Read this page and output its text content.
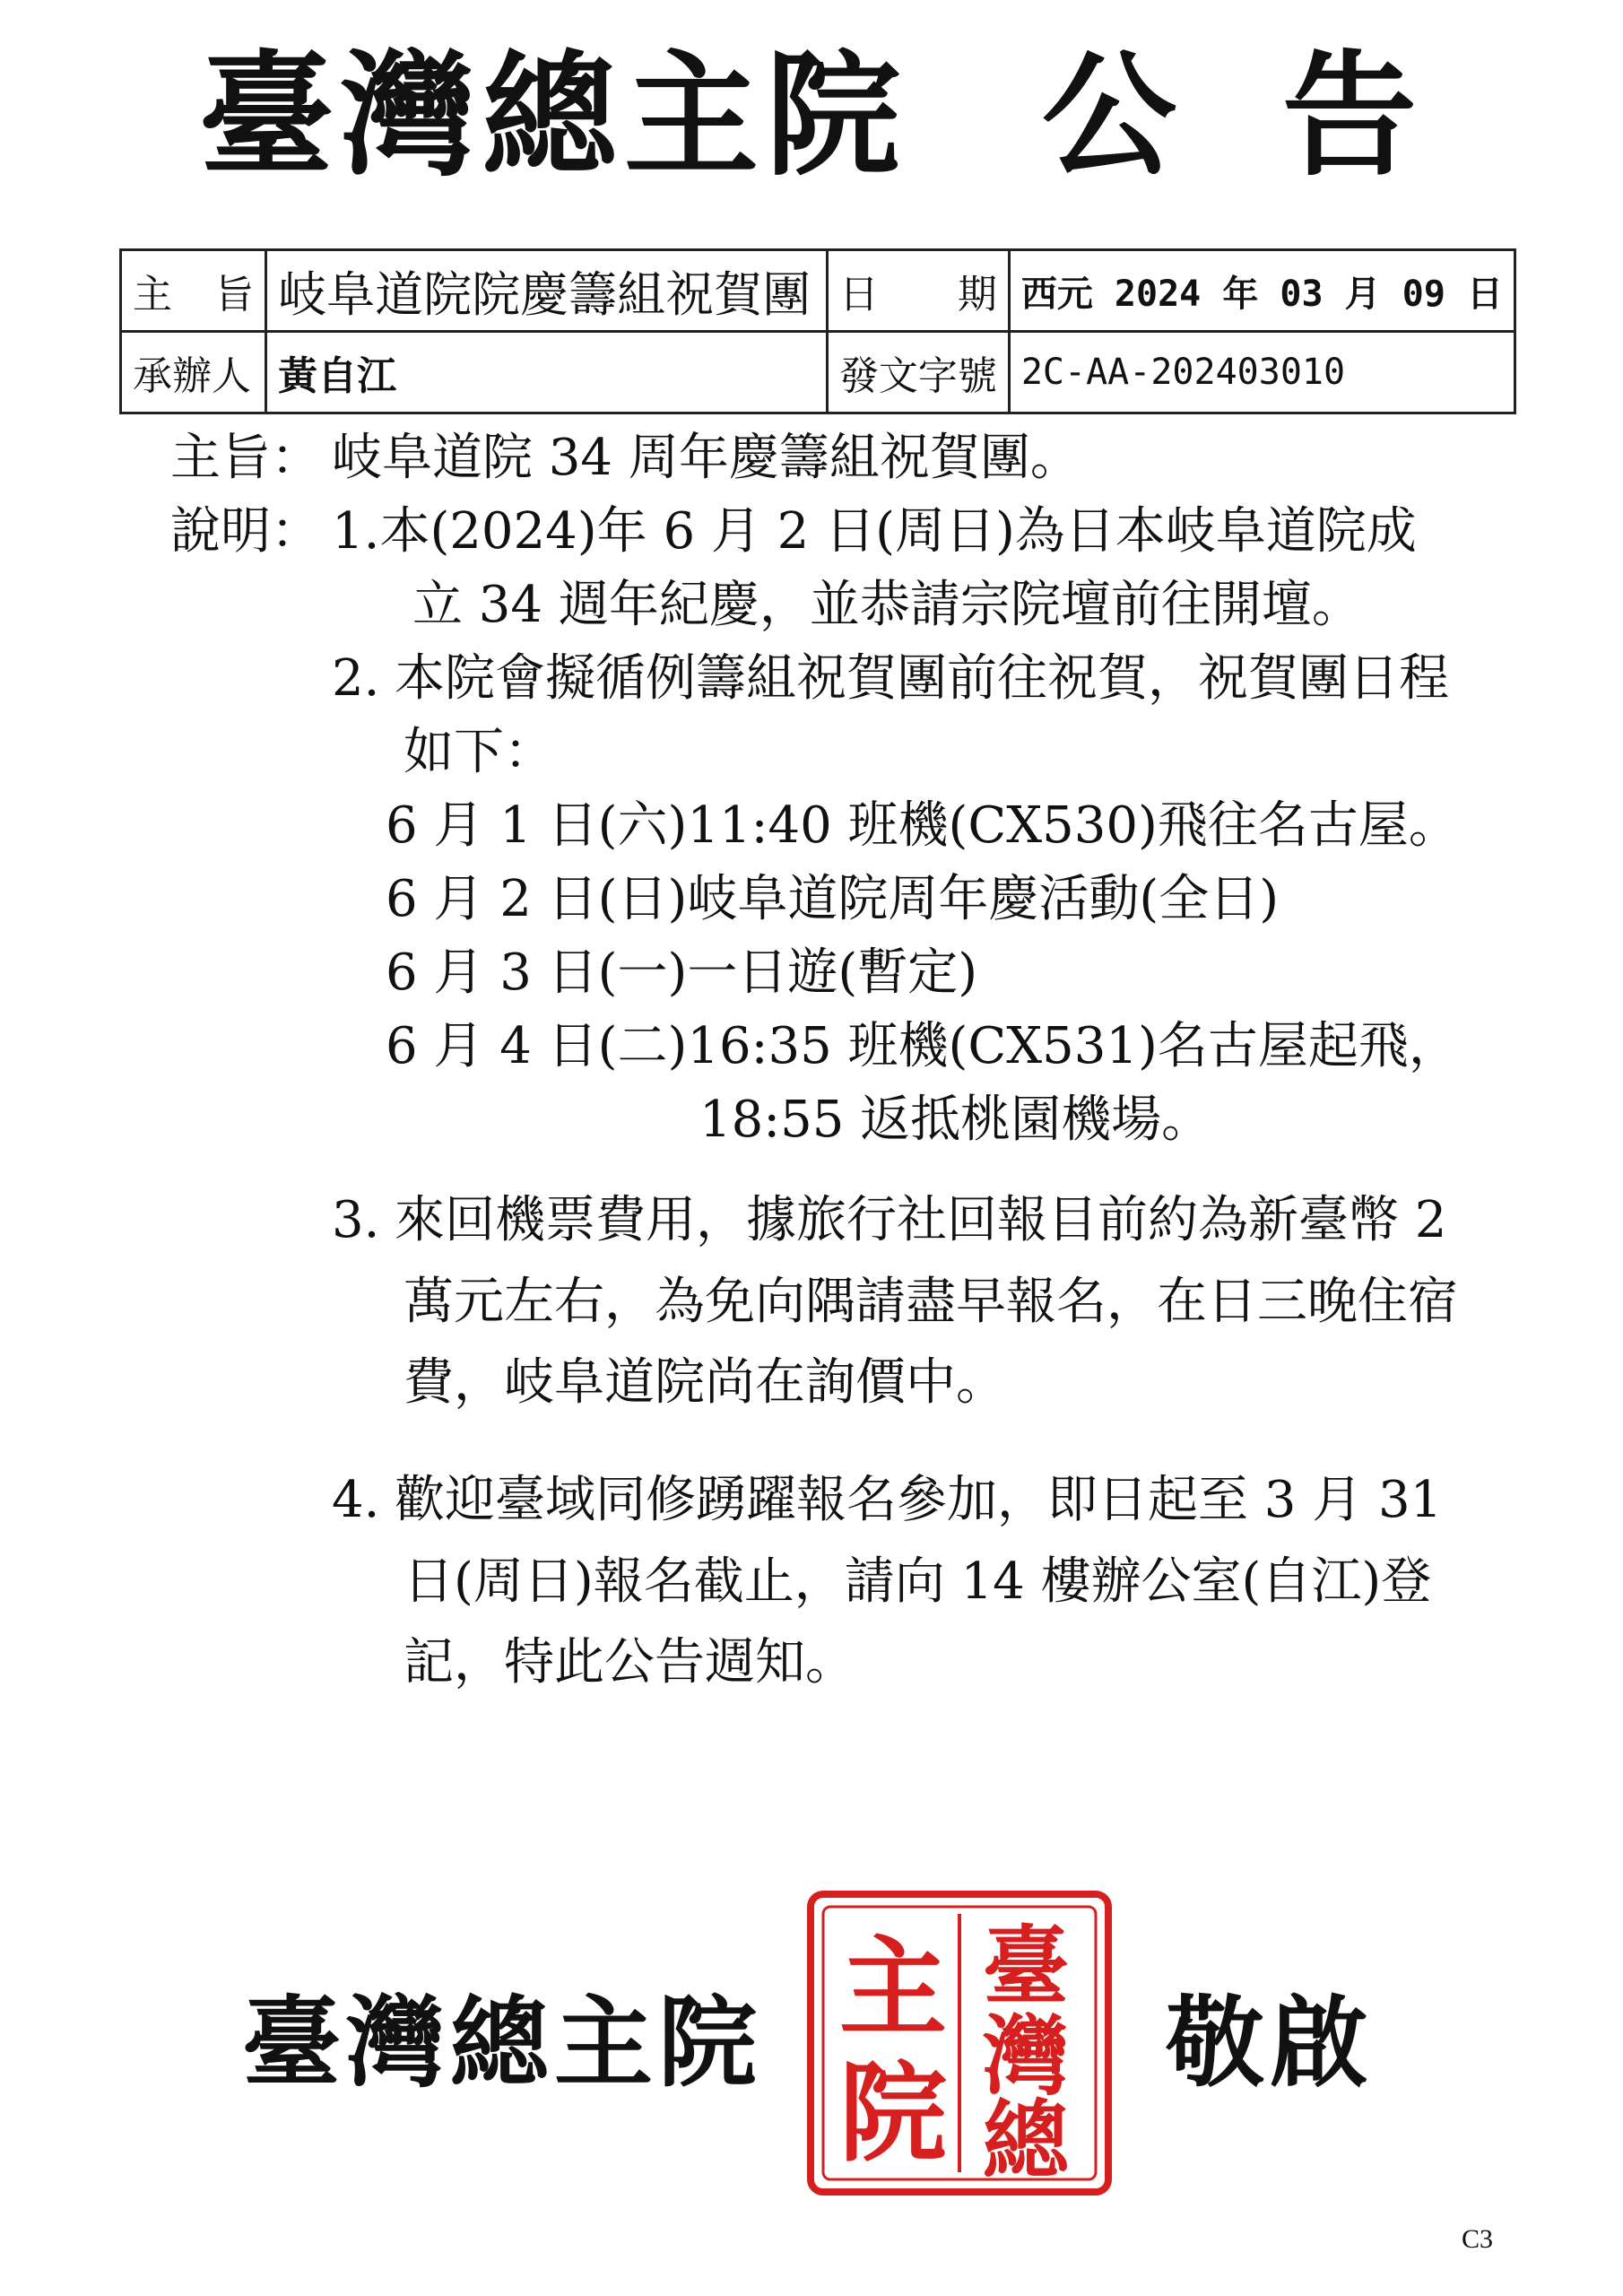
臺灣總主院 公 告
主 旨	岐阜道院院慶籌組祝賀團	日 期	西元 2024 年 03 月 09 日
承辦人	黃自江	發文字號	2C-AA-202403010
主旨： 岐阜道院 34 周年慶籌組祝賀團。
說明： 1.本(2024)年 6 月 2 日(周日)為日本岐阜道院成
立 34 週年紀慶，並恭請宗院壇前往開壇。
2. 本院會擬循例籌組祝賀團前往祝賀，祝賀團日程
如下：
6 月 1 日(六)11:40 班機(CX530)飛往名古屋。
6 月 2 日(日)岐阜道院周年慶活動(全日)
6 月 3 日(一)一日遊(暫定)
6 月 4 日(二)16:35 班機(CX531)名古屋起飛，
18:55 返抵桃園機場。
3. 來回機票費用，據旅行社回報目前約為新臺幣 2
萬元左右，為免向隅請盡早報名，在日三晚住宿
費，岐阜道院尚在詢價中。
4. 歡迎臺域同修踴躍報名參加，即日起至 3 月 31
日(周日)報名截止，請向 14 樓辦公室(自江)登
記，特此公告週知。
臺灣總主院
臺
灣
總
主
院
敬啟
C3
